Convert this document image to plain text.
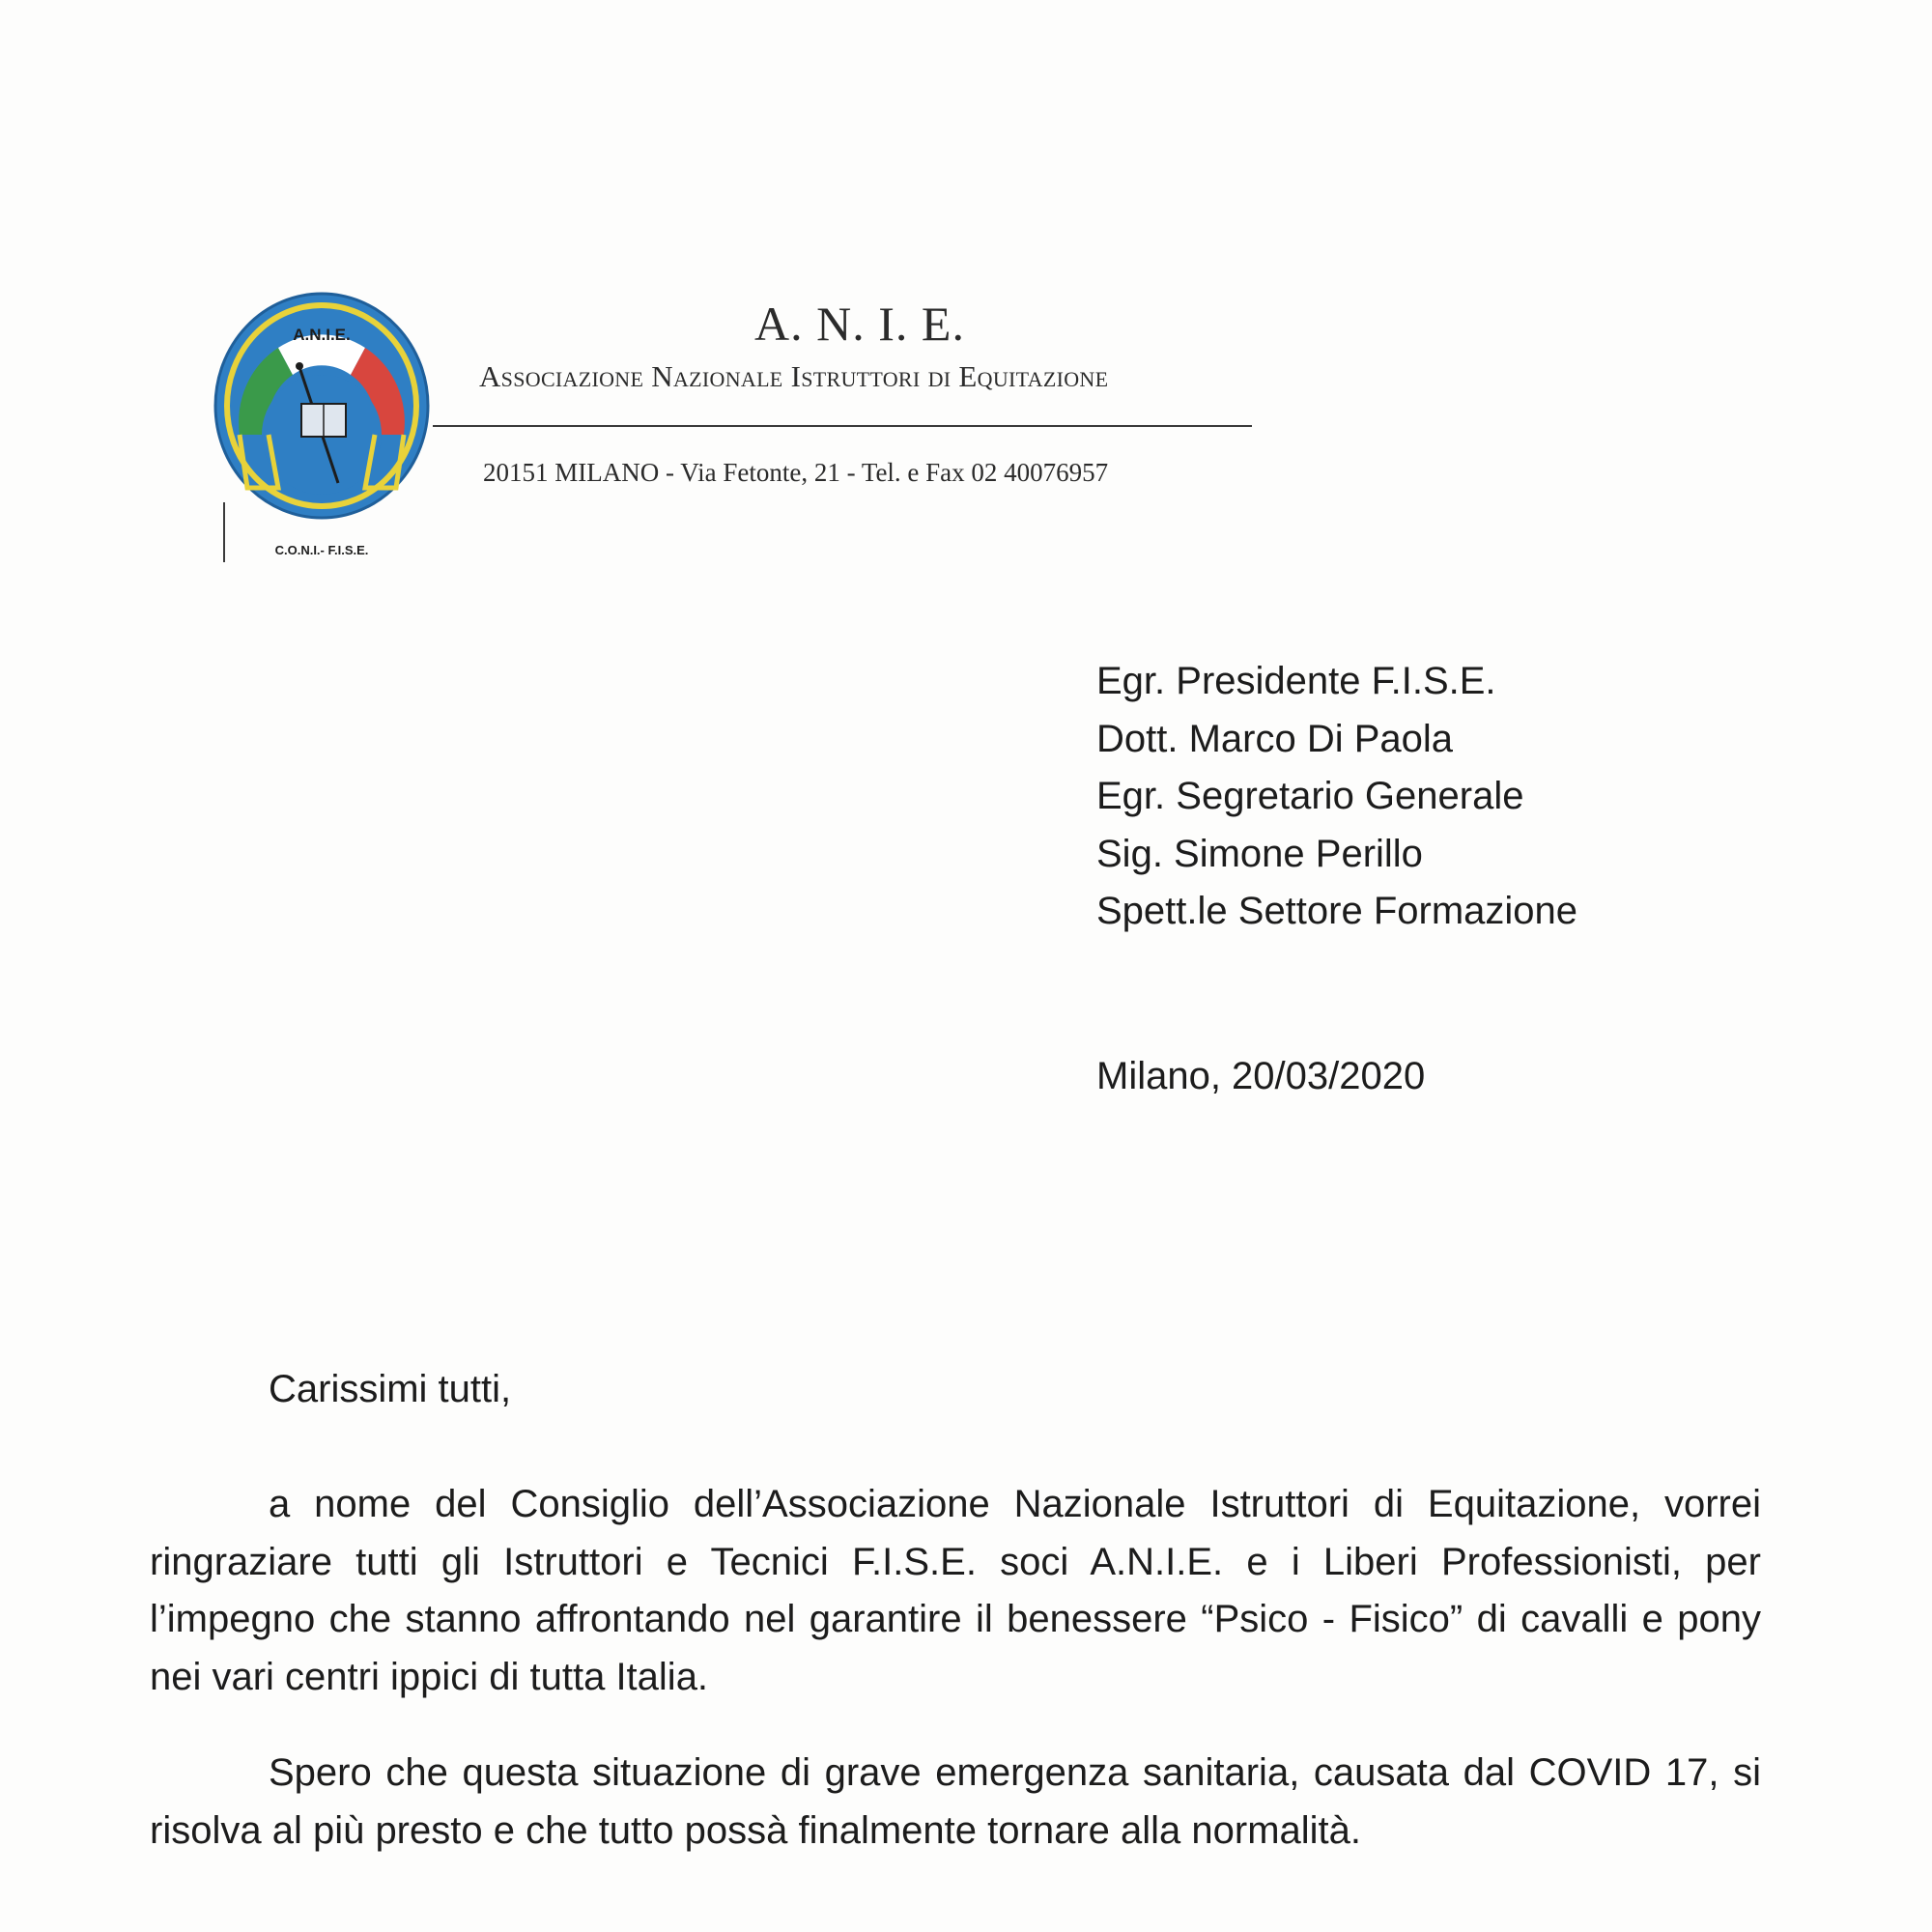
A.N.I.E.
C.O.N.I.- F.I.S.E.
A. N. I. E.
Associazione Nazionale Istruttori di Equitazione
20151 MILANO - Via Fetonte, 21 - Tel. e Fax 02 40076957
Egr. Presidente F.I.S.E.
Dott. Marco Di Paola
Egr. Segretario Generale
Sig. Simone Perillo
Spett.le Settore Formazione
Milano, 20/03/2020
Carissimi tutti,
a nome del Consiglio dell’Associazione Nazionale Istruttori di Equitazione, vorrei ringraziare tutti gli Istruttori e Tecnici F.I.S.E. soci A.N.I.E. e i Liberi Professionisti, per l’impegno che stanno affrontando nel garantire il benessere “Psico - Fisico” di cavalli e pony nei vari centri ippici di tutta Italia.
Spero che questa situazione di grave emergenza sanitaria, causata dal COVID 17, si risolva al più presto e che tutto possà finalmente tornare alla normalità.
